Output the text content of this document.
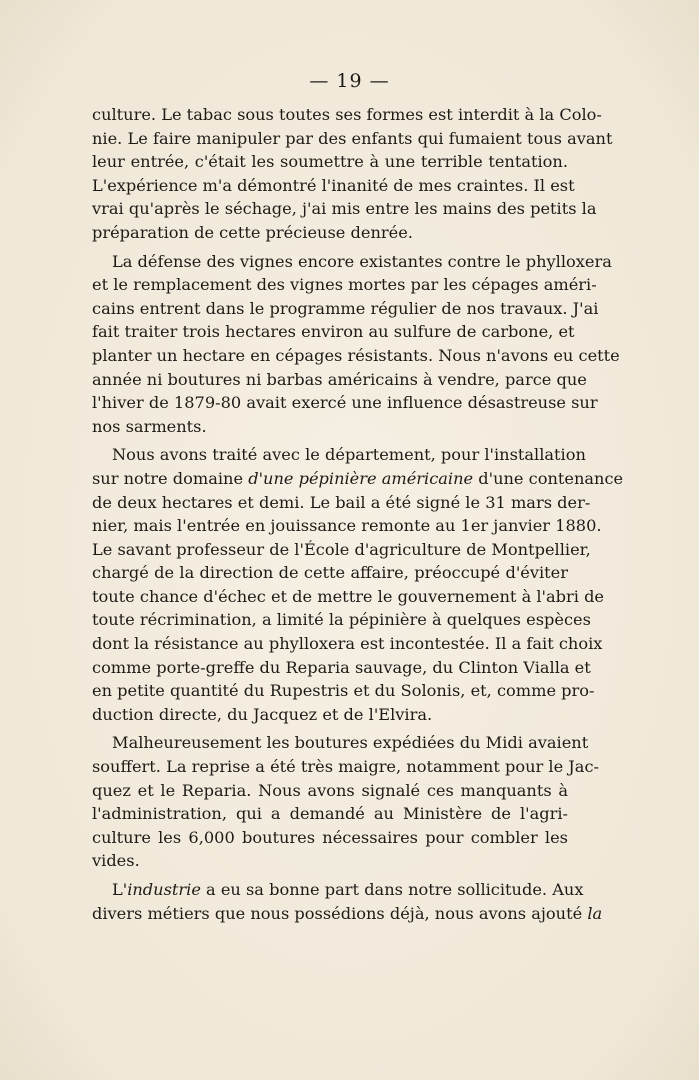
— 19 —
culture. Le tabac sous toutes ses formes est interdit à la Colo-
nie. Le faire manipuler par des enfants qui fumaient tous avant
leur entrée, c'était les soumettre à une terrible tentation.
L'expérience m'a démontré l'inanité de mes craintes. Il est
vrai qu'après le séchage, j'ai mis entre les mains des petits la
préparation de cette précieuse denrée.
La défense des vignes encore existantes contre le phylloxera
et le remplacement des vignes mortes par les cépages améri-
cains entrent dans le programme régulier de nos travaux. J'ai
fait traiter trois hectares environ au sulfure de carbone, et
planter un hectare en cépages résistants. Nous n'avons eu cette
année ni boutures ni barbas américains à vendre, parce que
l'hiver de 1879-80 avait exercé une influence désastreuse sur
nos sarments.
Nous avons traité avec le département, pour l'installation
sur notre domaine d'une pépinière américaine d'une contenance
de deux hectares et demi. Le bail a été signé le 31 mars der-
nier, mais l'entrée en jouissance remonte au 1er janvier 1880.
Le savant professeur de l'École d'agriculture de Montpellier,
chargé de la direction de cette affaire, préoccupé d'éviter
toute chance d'échec et de mettre le gouvernement à l'abri de
toute récrimination, a limité la pépinière à quelques espèces
dont la résistance au phylloxera est incontestée. Il a fait choix
comme porte-greffe du Reparia sauvage, du Clinton Vialla et
en petite quantité du Rupestris et du Solonis, et, comme pro-
duction directe, du Jacquez et de l'Elvira.
Malheureusement les boutures expédiées du Midi avaient
souffert. La reprise a été très maigre, notamment pour le Jac-
quez et le Reparia. Nous avons signalé ces manquants à
l'administration, qui a demandé au Ministère de l'agri-
culture les 6,000 boutures nécessaires pour combler les
vides.
L'industrie a eu sa bonne part dans notre sollicitude. Aux
divers métiers que nous possédions déjà, nous avons ajouté la
